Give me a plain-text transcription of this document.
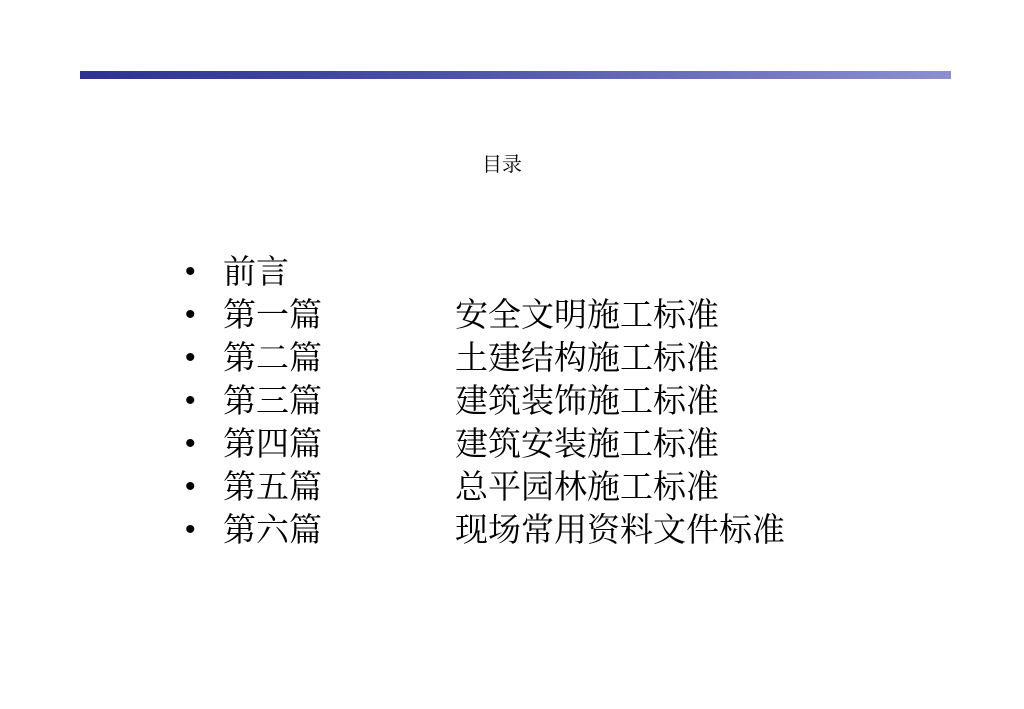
目录
• 前言
• 第一篇	安全文明施工标准
• 第二篇	土建结构施工标准
• 第三篇	建筑装饰施工标准
• 第四篇	建筑安装施工标准
• 第五篇	总平园林施工标准
• 第六篇	现场常用资料文件标准
